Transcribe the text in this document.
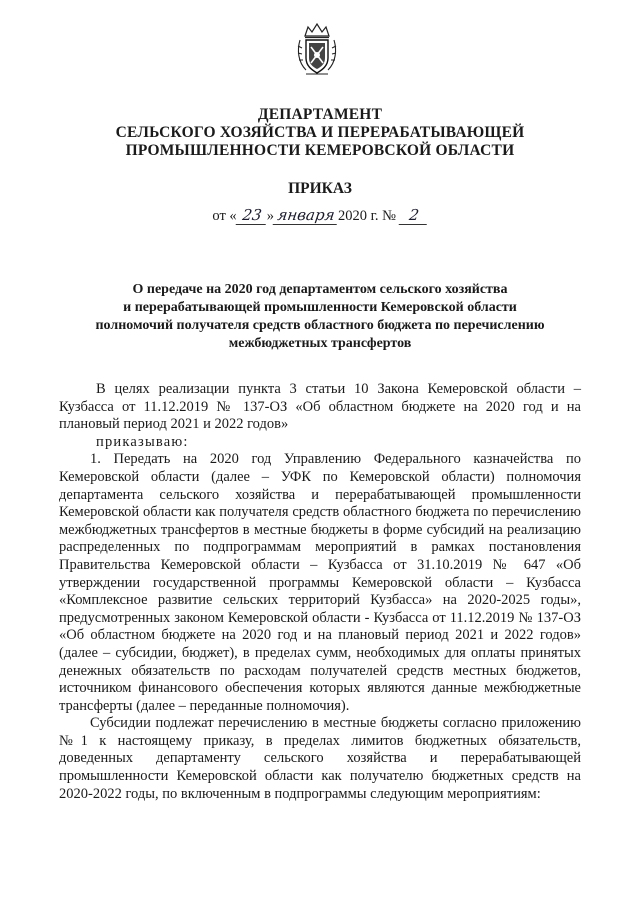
ДЕПАРТАМЕНТ
СЕЛЬСКОГО ХОЗЯЙСТВА И ПЕРЕРАБАТЫВАЮЩЕЙ
ПРОМЫШЛЕННОСТИ КЕМЕРОВСКОЙ ОБЛАСТИ
ПРИКАЗ
от « 23 » января 2020 г. № 2
О передаче на 2020 год департаментом сельского хозяйства
и перерабатывающей промышленности Кемеровской области
полномочий получателя средств областного бюджета по перечислению
межбюджетных трансфертов

В целях реализации пункта 3 статьи 10 Закона Кемеровской области – Кузбасса от 11.12.2019 № 137-ОЗ «Об областном бюджете на 2020 год и на плановый период 2021 и 2022 годов»

приказываю:

1. Передать на 2020 год Управлению Федерального казначейства по Кемеровской области (далее – УФК по Кемеровской области) полномочия департамента сельского хозяйства и перерабатывающей промышленности Кемеровской области как получателя средств областного бюджета по перечислению межбюджетных трансфертов в местные бюджеты в форме субсидий на реализацию распределенных по подпрограммам мероприятий в рамках постановления Правительства Кемеровской области – Кузбасса от 31.10.2019 № 647 «Об утверждении государственной программы Кемеровской области – Кузбасса «Комплексное развитие сельских территорий Кузбасса» на 2020-2025 годы», предусмотренных законом Кемеровской области - Кузбасса от 11.12.2019 № 137-ОЗ «Об областном бюджете на 2020 год и на плановый период 2021 и 2022 годов» (далее – субсидии, бюджет), в пределах сумм, необходимых для оплаты принятых денежных обязательств по расходам получателей средств местных бюджетов, источником финансового обеспечения которых являются данные межбюджетные трансферты (далее – переданные полномочия).

Субсидии подлежат перечислению в местные бюджеты согласно приложению №1 к настоящему приказу, в пределах лимитов бюджетных обязательств, доведенных департаменту сельского хозяйства и перерабатывающей промышленности Кемеровской области как получателю бюджетных средств на 2020-2022 годы, по включенным в подпрограммы следующим мероприятиям:
